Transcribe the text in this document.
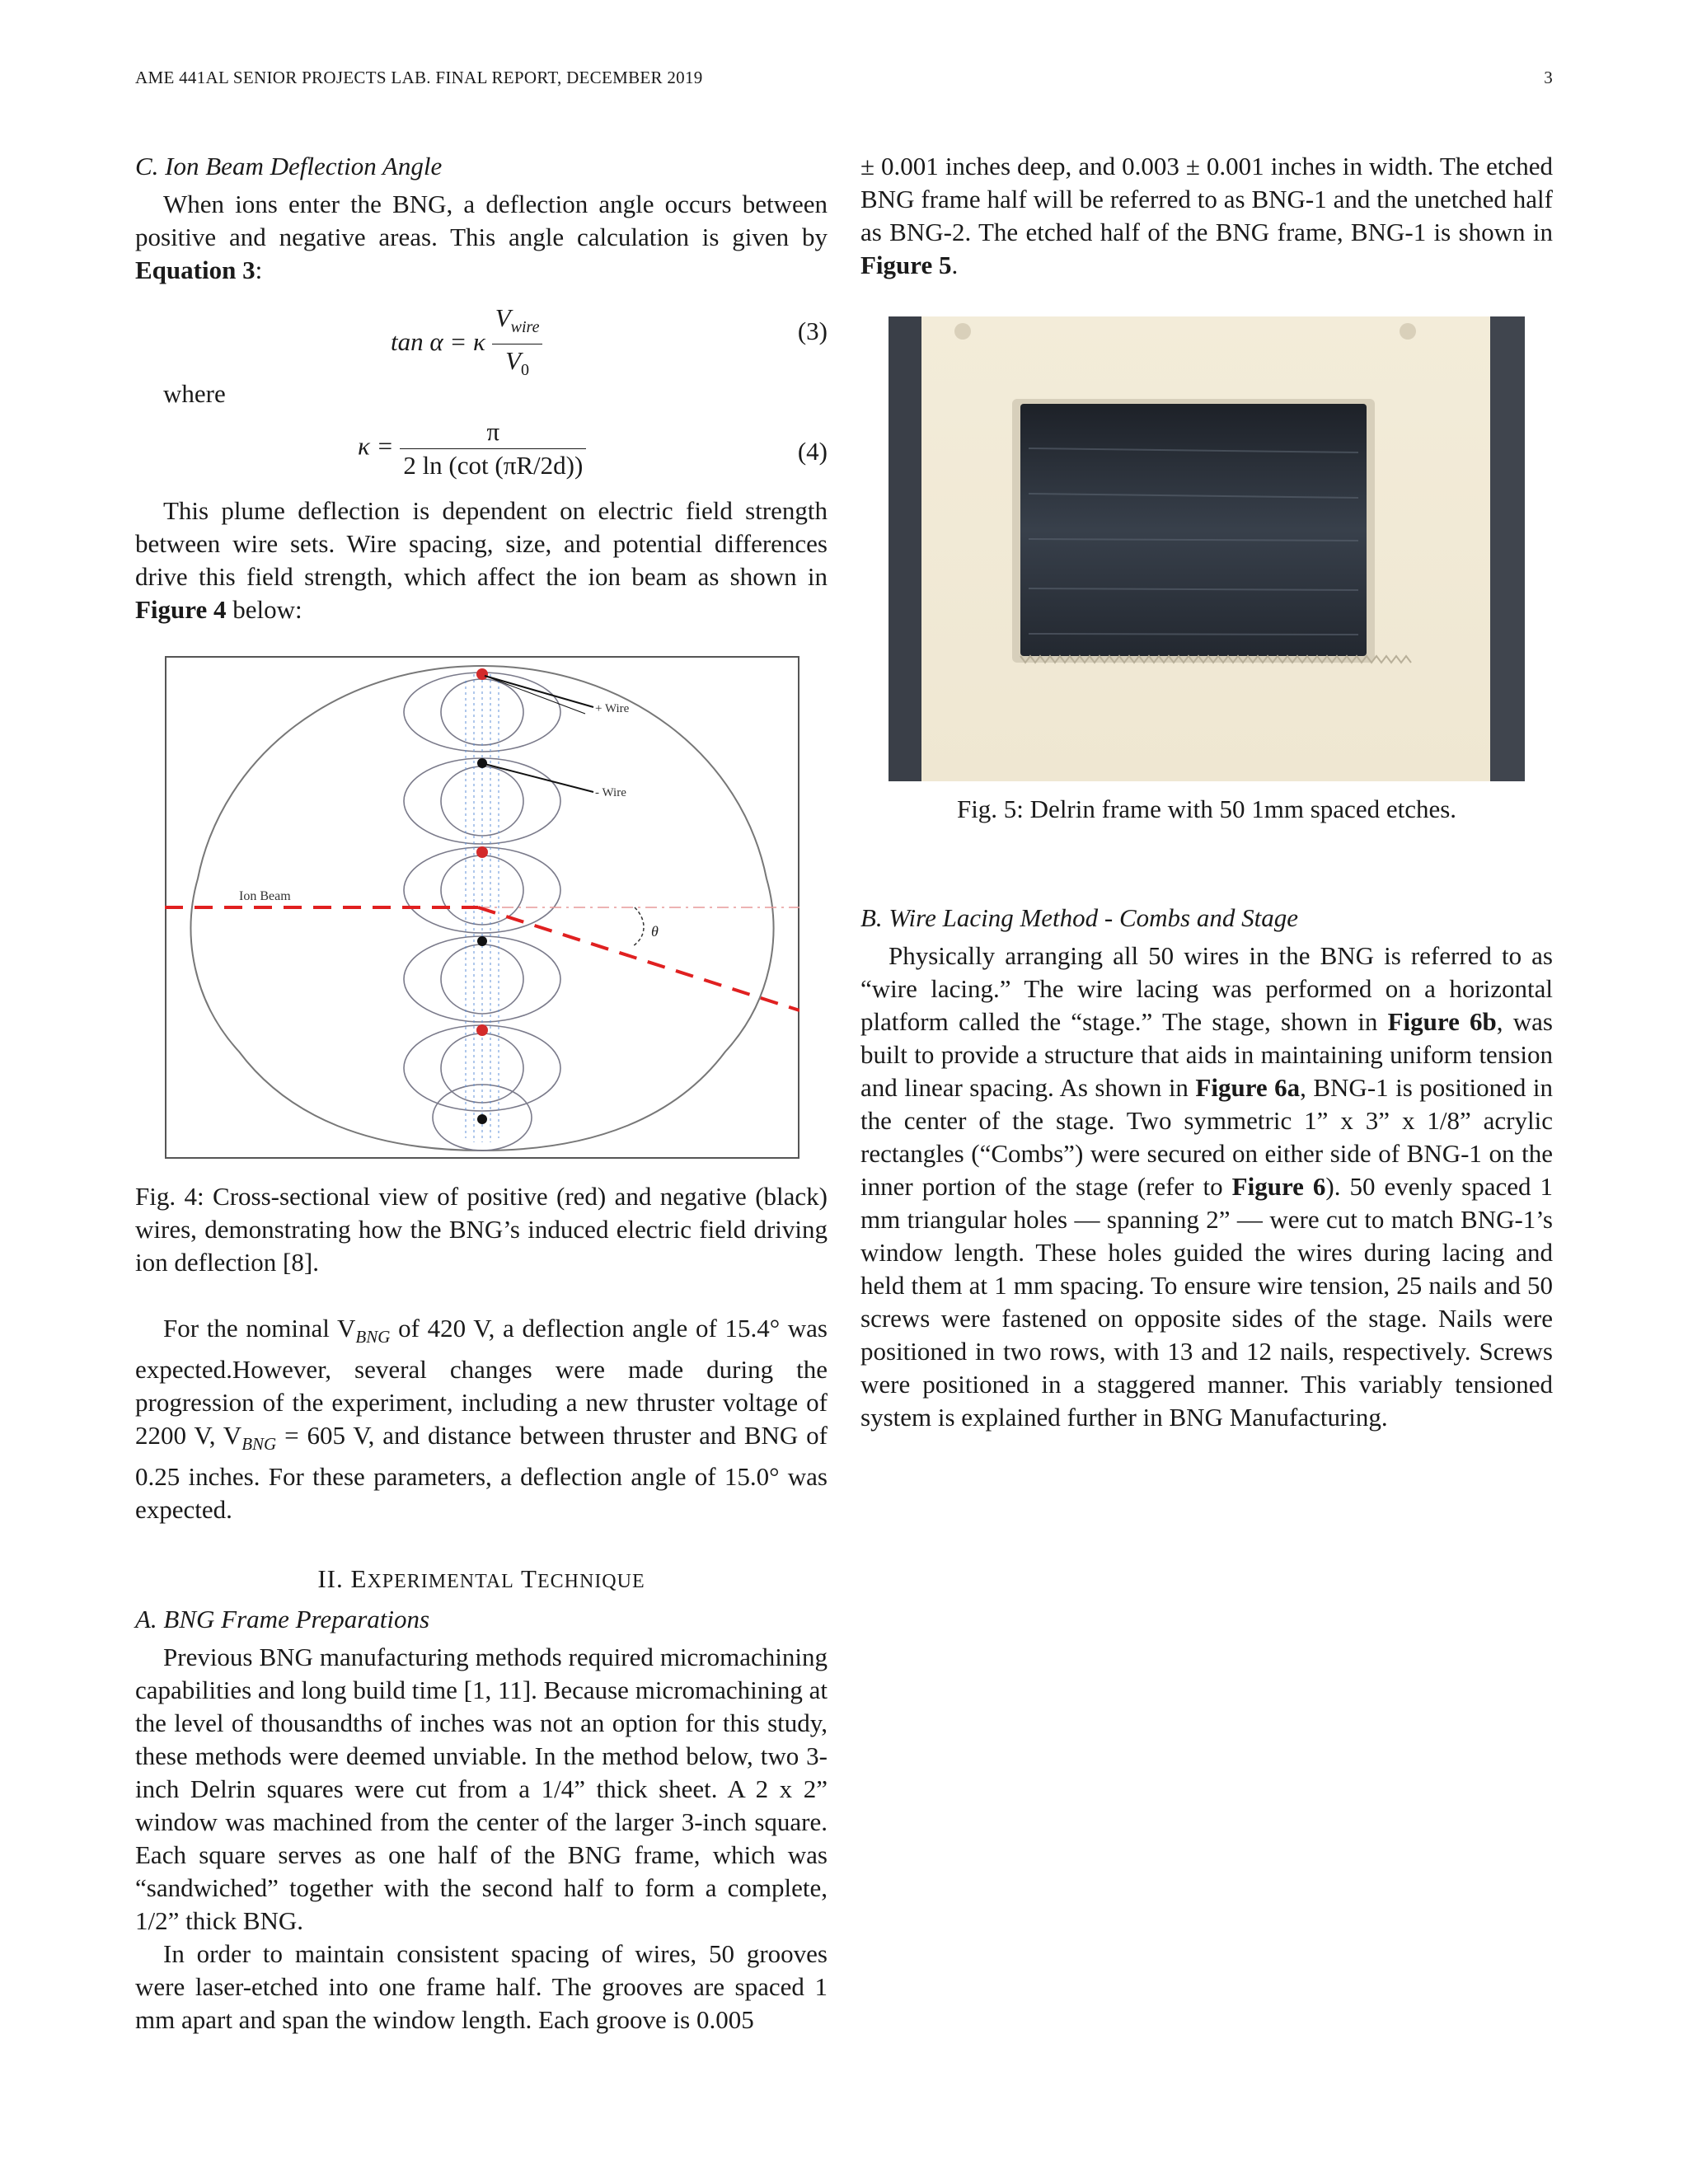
AME 441AL SENIOR PROJECTS LAB. FINAL REPORT, DECEMBER 2019	3
C. Ion Beam Deflection Angle

When ions enter the BNG, a deflection angle occurs between positive and negative areas. This angle calculation is given by Equation 3:

tan α = κ $\frac{V_{wire}}{V_0}$	(3)

where

$\kappa = \frac{\pi}{2 \ln (\cot (\pi R/2d))}$	(4)

This plume deflection is dependent on electric field strength between wire sets. Wire spacing, size, and potential differences drive this field strength, which affect the ion beam as shown in Figure 4 below:

+ Wire
- Wire
Ion Beam
θ
Fig. 4: Cross-sectional view of positive (red) and negative (black) wires, demonstrating how the BNG’s induced electric field driving ion deflection [8].

For the nominal $V_{BNG}$ of 420 V, a deflection angle of 15.4° was expected.However, several changes were made during the progression of the experiment, including a new thruster voltage of 2200 V, $V_{BNG} = 605$ V, and distance between thruster and BNG of 0.25 inches. For these parameters, a deflection angle of 15.0° was expected.

II. EXPERIMENTAL TECHNIQUE
A. BNG Frame Preparations

Previous BNG manufacturing methods required micromachining capabilities and long build time [1, 11]. Because micromachining at the level of thousandths of inches was not an option for this study, these methods were deemed unviable. In the method below, two 3-inch Delrin squares were cut from a 1/4” thick sheet. A 2 x 2” window was machined from the center of the larger 3-inch square. Each square serves as one half of the BNG frame, which was “sandwiched” together with the second half to form a complete, 1/2” thick BNG.

In order to maintain consistent spacing of wires, 50 grooves were laser-etched into one frame half. The grooves are spaced 1 mm apart and span the window length. Each groove is 0.005

± 0.001 inches deep, and 0.003 ± 0.001 inches in width. The etched BNG frame half will be referred to as BNG-1 and the unetched half as BNG-2. The etched half of the BNG frame, BNG-1 is shown in Figure 5.

Fig. 5: Delrin frame with 50 1mm spaced etches.
B. Wire Lacing Method - Combs and Stage

Physically arranging all 50 wires in the BNG is referred to as “wire lacing.” The wire lacing was performed on a horizontal platform called the “stage.” The stage, shown in Figure 6b, was built to provide a structure that aids in maintaining uniform tension and linear spacing. As shown in Figure 6a, BNG-1 is positioned in the center of the stage. Two symmetric 1” x 3” x 1/8” acrylic rectangles (“Combs”) were secured on either side of BNG-1 on the inner portion of the stage (refer to Figure 6). 50 evenly spaced 1 mm triangular holes — spanning 2” — were cut to match BNG-1’s window length. These holes guided the wires during lacing and held them at 1 mm spacing. To ensure wire tension, 25 nails and 50 screws were fastened on opposite sides of the stage. Nails were positioned in two rows, with 13 and 12 nails, respectively. Screws were positioned in a staggered manner. This variably tensioned system is explained further in BNG Manufacturing.
